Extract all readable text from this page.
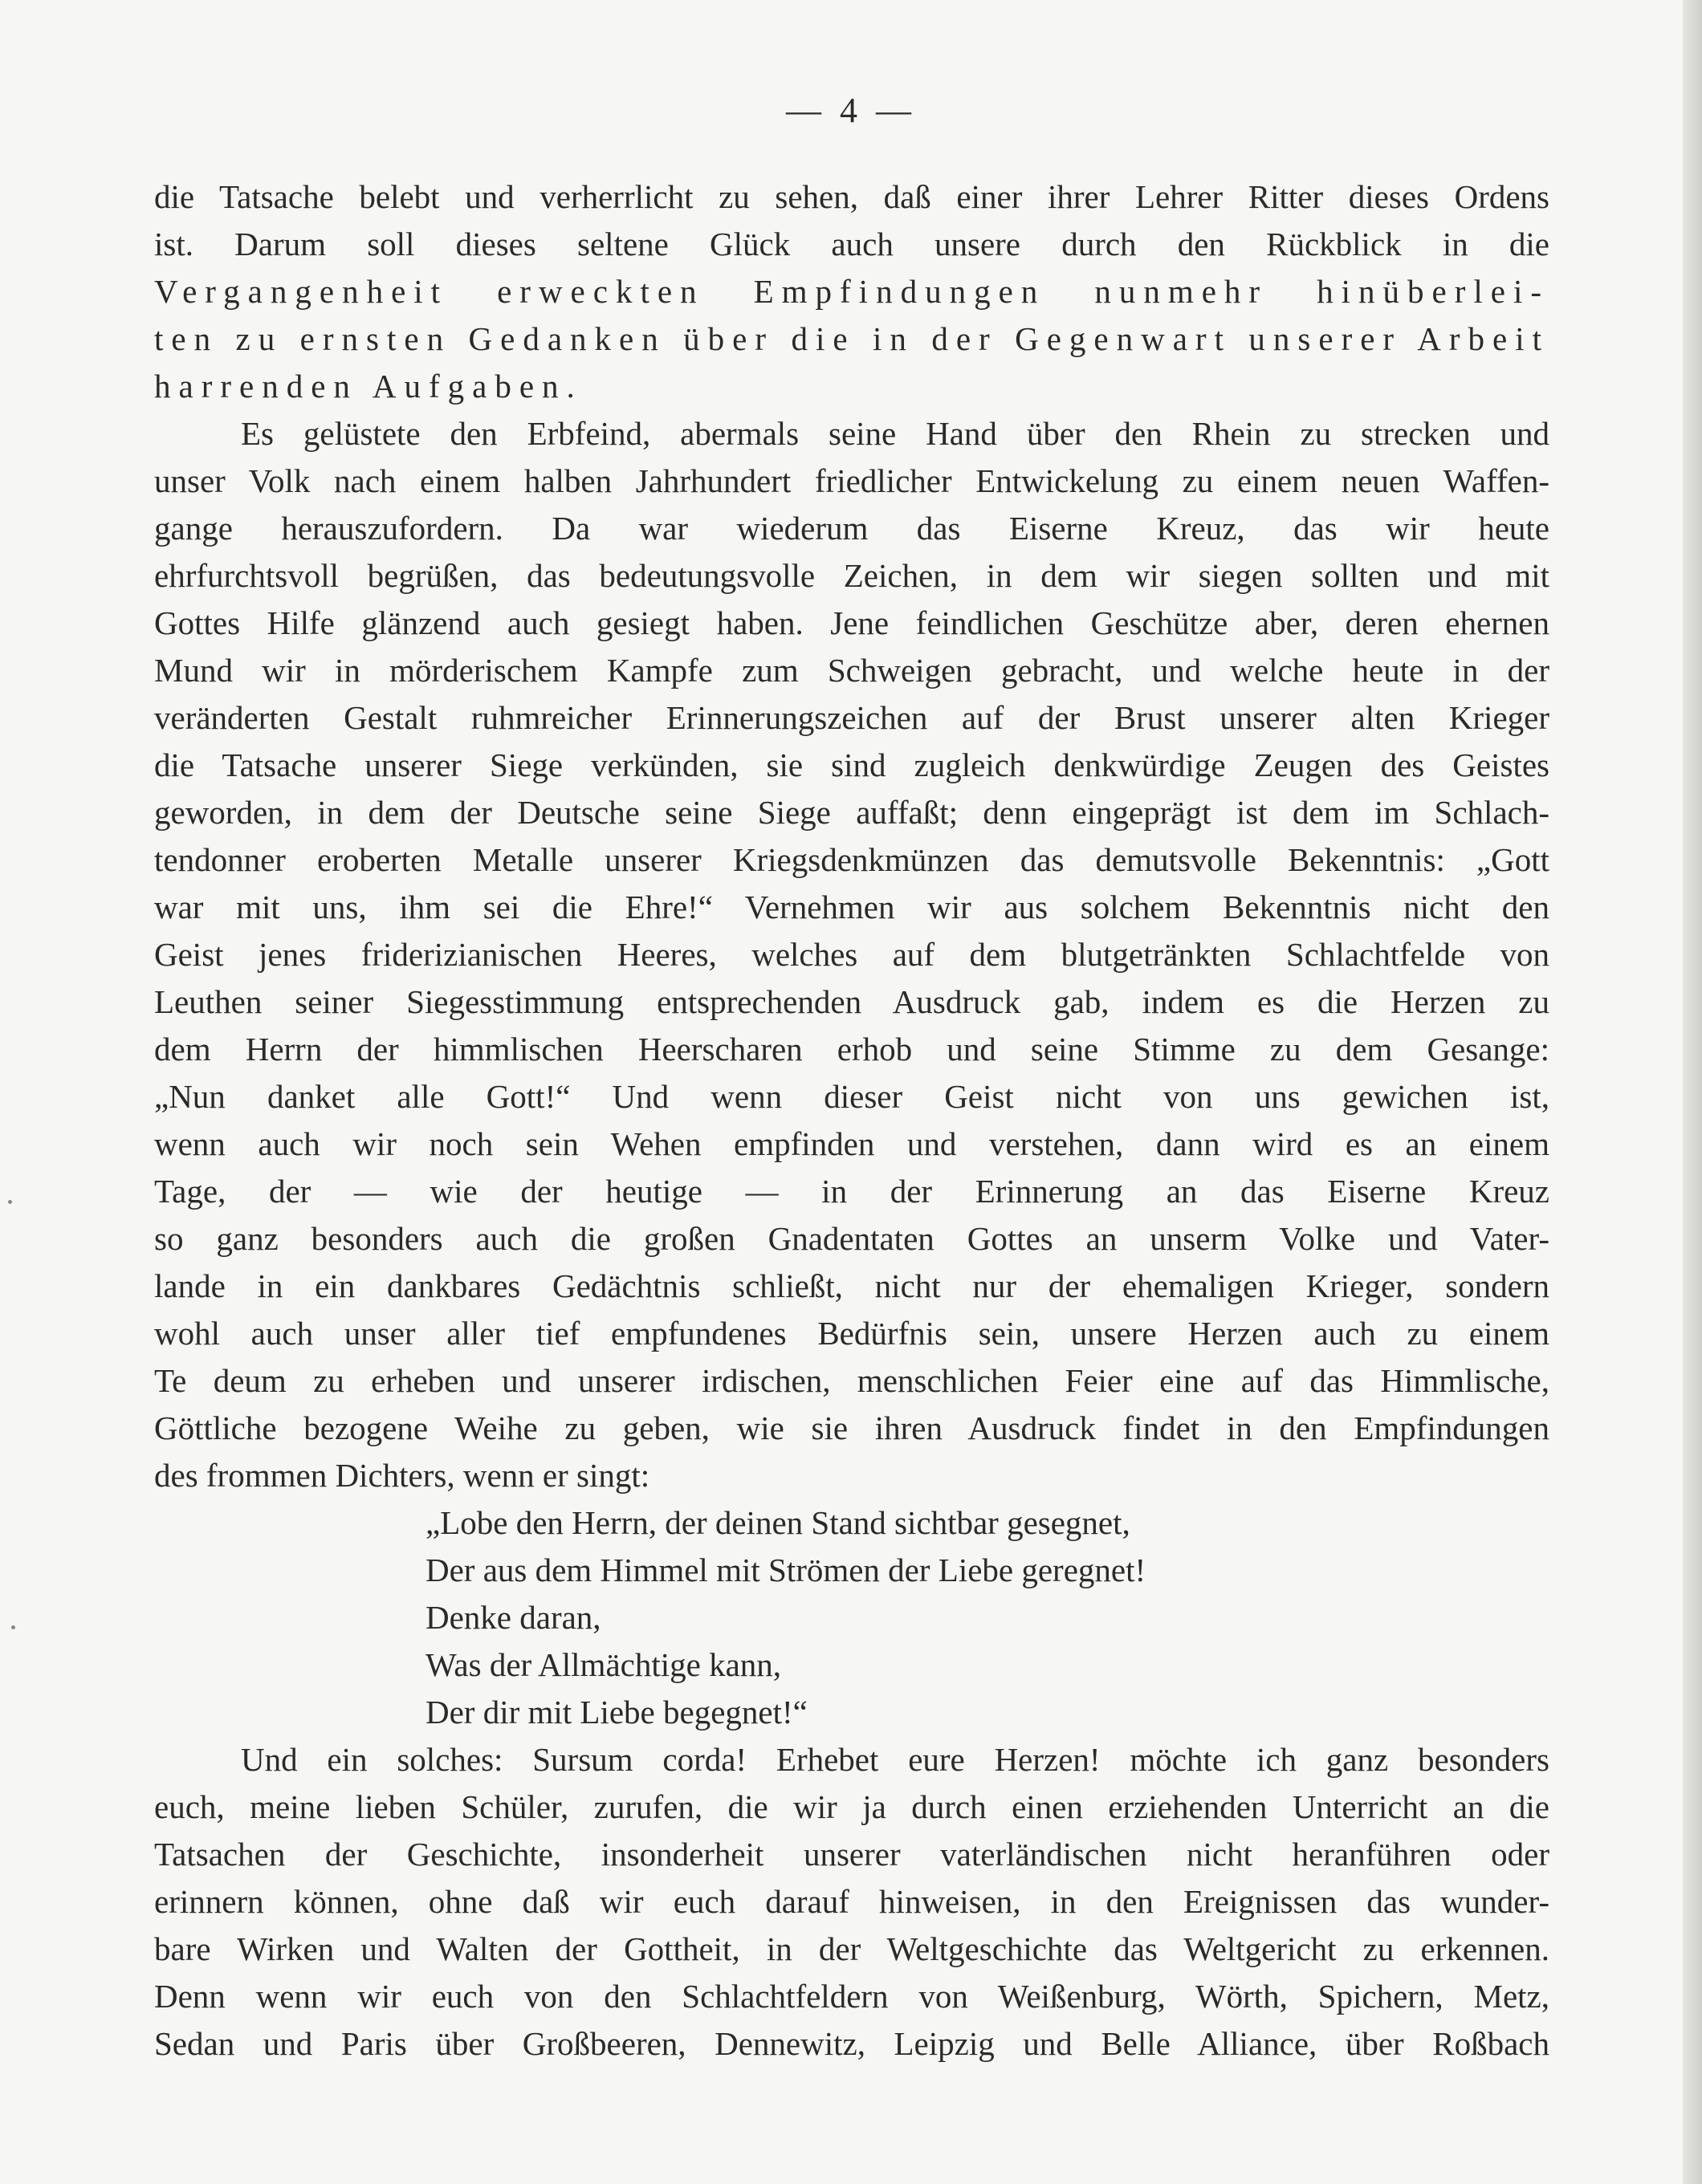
— 4 —
die Tatsache belebt und verherrlicht zu sehen, daß einer ihrer Lehrer Ritter dieses Ordens
ist. Darum soll dieses seltene Glück auch unsere durch den Rückblick in die
Vergangenheit erweckten Empfindungen nunmehr hinüberlei-
ten zu ernsten Gedanken über die in der Gegenwart unserer Arbeit
harrenden Aufgaben.
Es gelüstete den Erbfeind, abermals seine Hand über den Rhein zu strecken und
unser Volk nach einem halben Jahrhundert friedlicher Entwickelung zu einem neuen Waffen-
gange herauszufordern. Da war wiederum das Eiserne Kreuz, das wir heute
ehrfurchtsvoll begrüßen, das bedeutungsvolle Zeichen, in dem wir siegen sollten und mit
Gottes Hilfe glänzend auch gesiegt haben. Jene feindlichen Geschütze aber, deren ehernen
Mund wir in mörderischem Kampfe zum Schweigen gebracht, und welche heute in der
veränderten Gestalt ruhmreicher Erinnerungszeichen auf der Brust unserer alten Krieger
die Tatsache unserer Siege verkünden, sie sind zugleich denkwürdige Zeugen des Geistes
geworden, in dem der Deutsche seine Siege auffaßt; denn eingeprägt ist dem im Schlach-
tendonner eroberten Metalle unserer Kriegsdenkmünzen das demutsvolle Bekenntnis: „Gott
war mit uns, ihm sei die Ehre!“ Vernehmen wir aus solchem Bekenntnis nicht den
Geist jenes friderizianischen Heeres, welches auf dem blutgetränkten Schlachtfelde von
Leuthen seiner Siegesstimmung entsprechenden Ausdruck gab, indem es die Herzen zu
dem Herrn der himmlischen Heerscharen erhob und seine Stimme zu dem Gesange:
„Nun danket alle Gott!“ Und wenn dieser Geist nicht von uns gewichen ist,
wenn auch wir noch sein Wehen empfinden und verstehen, dann wird es an einem
Tage, der — wie der heutige — in der Erinnerung an das Eiserne Kreuz
so ganz besonders auch die großen Gnadentaten Gottes an unserm Volke und Vater-
lande in ein dankbares Gedächtnis schließt, nicht nur der ehemaligen Krieger, sondern
wohl auch unser aller tief empfundenes Bedürfnis sein, unsere Herzen auch zu einem
Te deum zu erheben und unserer irdischen, menschlichen Feier eine auf das Himmlische,
Göttliche bezogene Weihe zu geben, wie sie ihren Ausdruck findet in den Empfindungen
des frommen Dichters, wenn er singt:
„Lobe den Herrn, der deinen Stand sichtbar gesegnet,
Der aus dem Himmel mit Strömen der Liebe geregnet!
Denke daran,
Was der Allmächtige kann,
Der dir mit Liebe begegnet!“
Und ein solches: Sursum corda! Erhebet eure Herzen! möchte ich ganz besonders
euch, meine lieben Schüler, zurufen, die wir ja durch einen erziehenden Unterricht an die
Tatsachen der Geschichte, insonderheit unserer vaterländischen nicht heranführen oder
erinnern können, ohne daß wir euch darauf hinweisen, in den Ereignissen das wunder-
bare Wirken und Walten der Gottheit, in der Weltgeschichte das Weltgericht zu erkennen.
Denn wenn wir euch von den Schlachtfeldern von Weißenburg, Wörth, Spichern, Metz,
Sedan und Paris über Großbeeren, Dennewitz, Leipzig und Belle Alliance, über Roßbach
